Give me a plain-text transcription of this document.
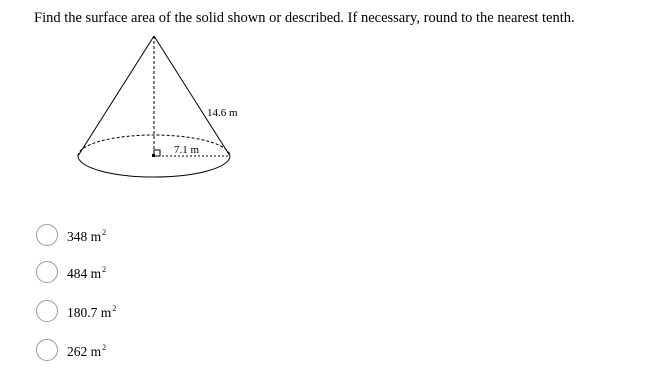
Find the surface area of the solid shown or described. If necessary, round to the nearest tenth.
14.6 m
7.1 m
348 $m^2$
484 $m^2$
180.7 $m^2$
262 $m^2$
